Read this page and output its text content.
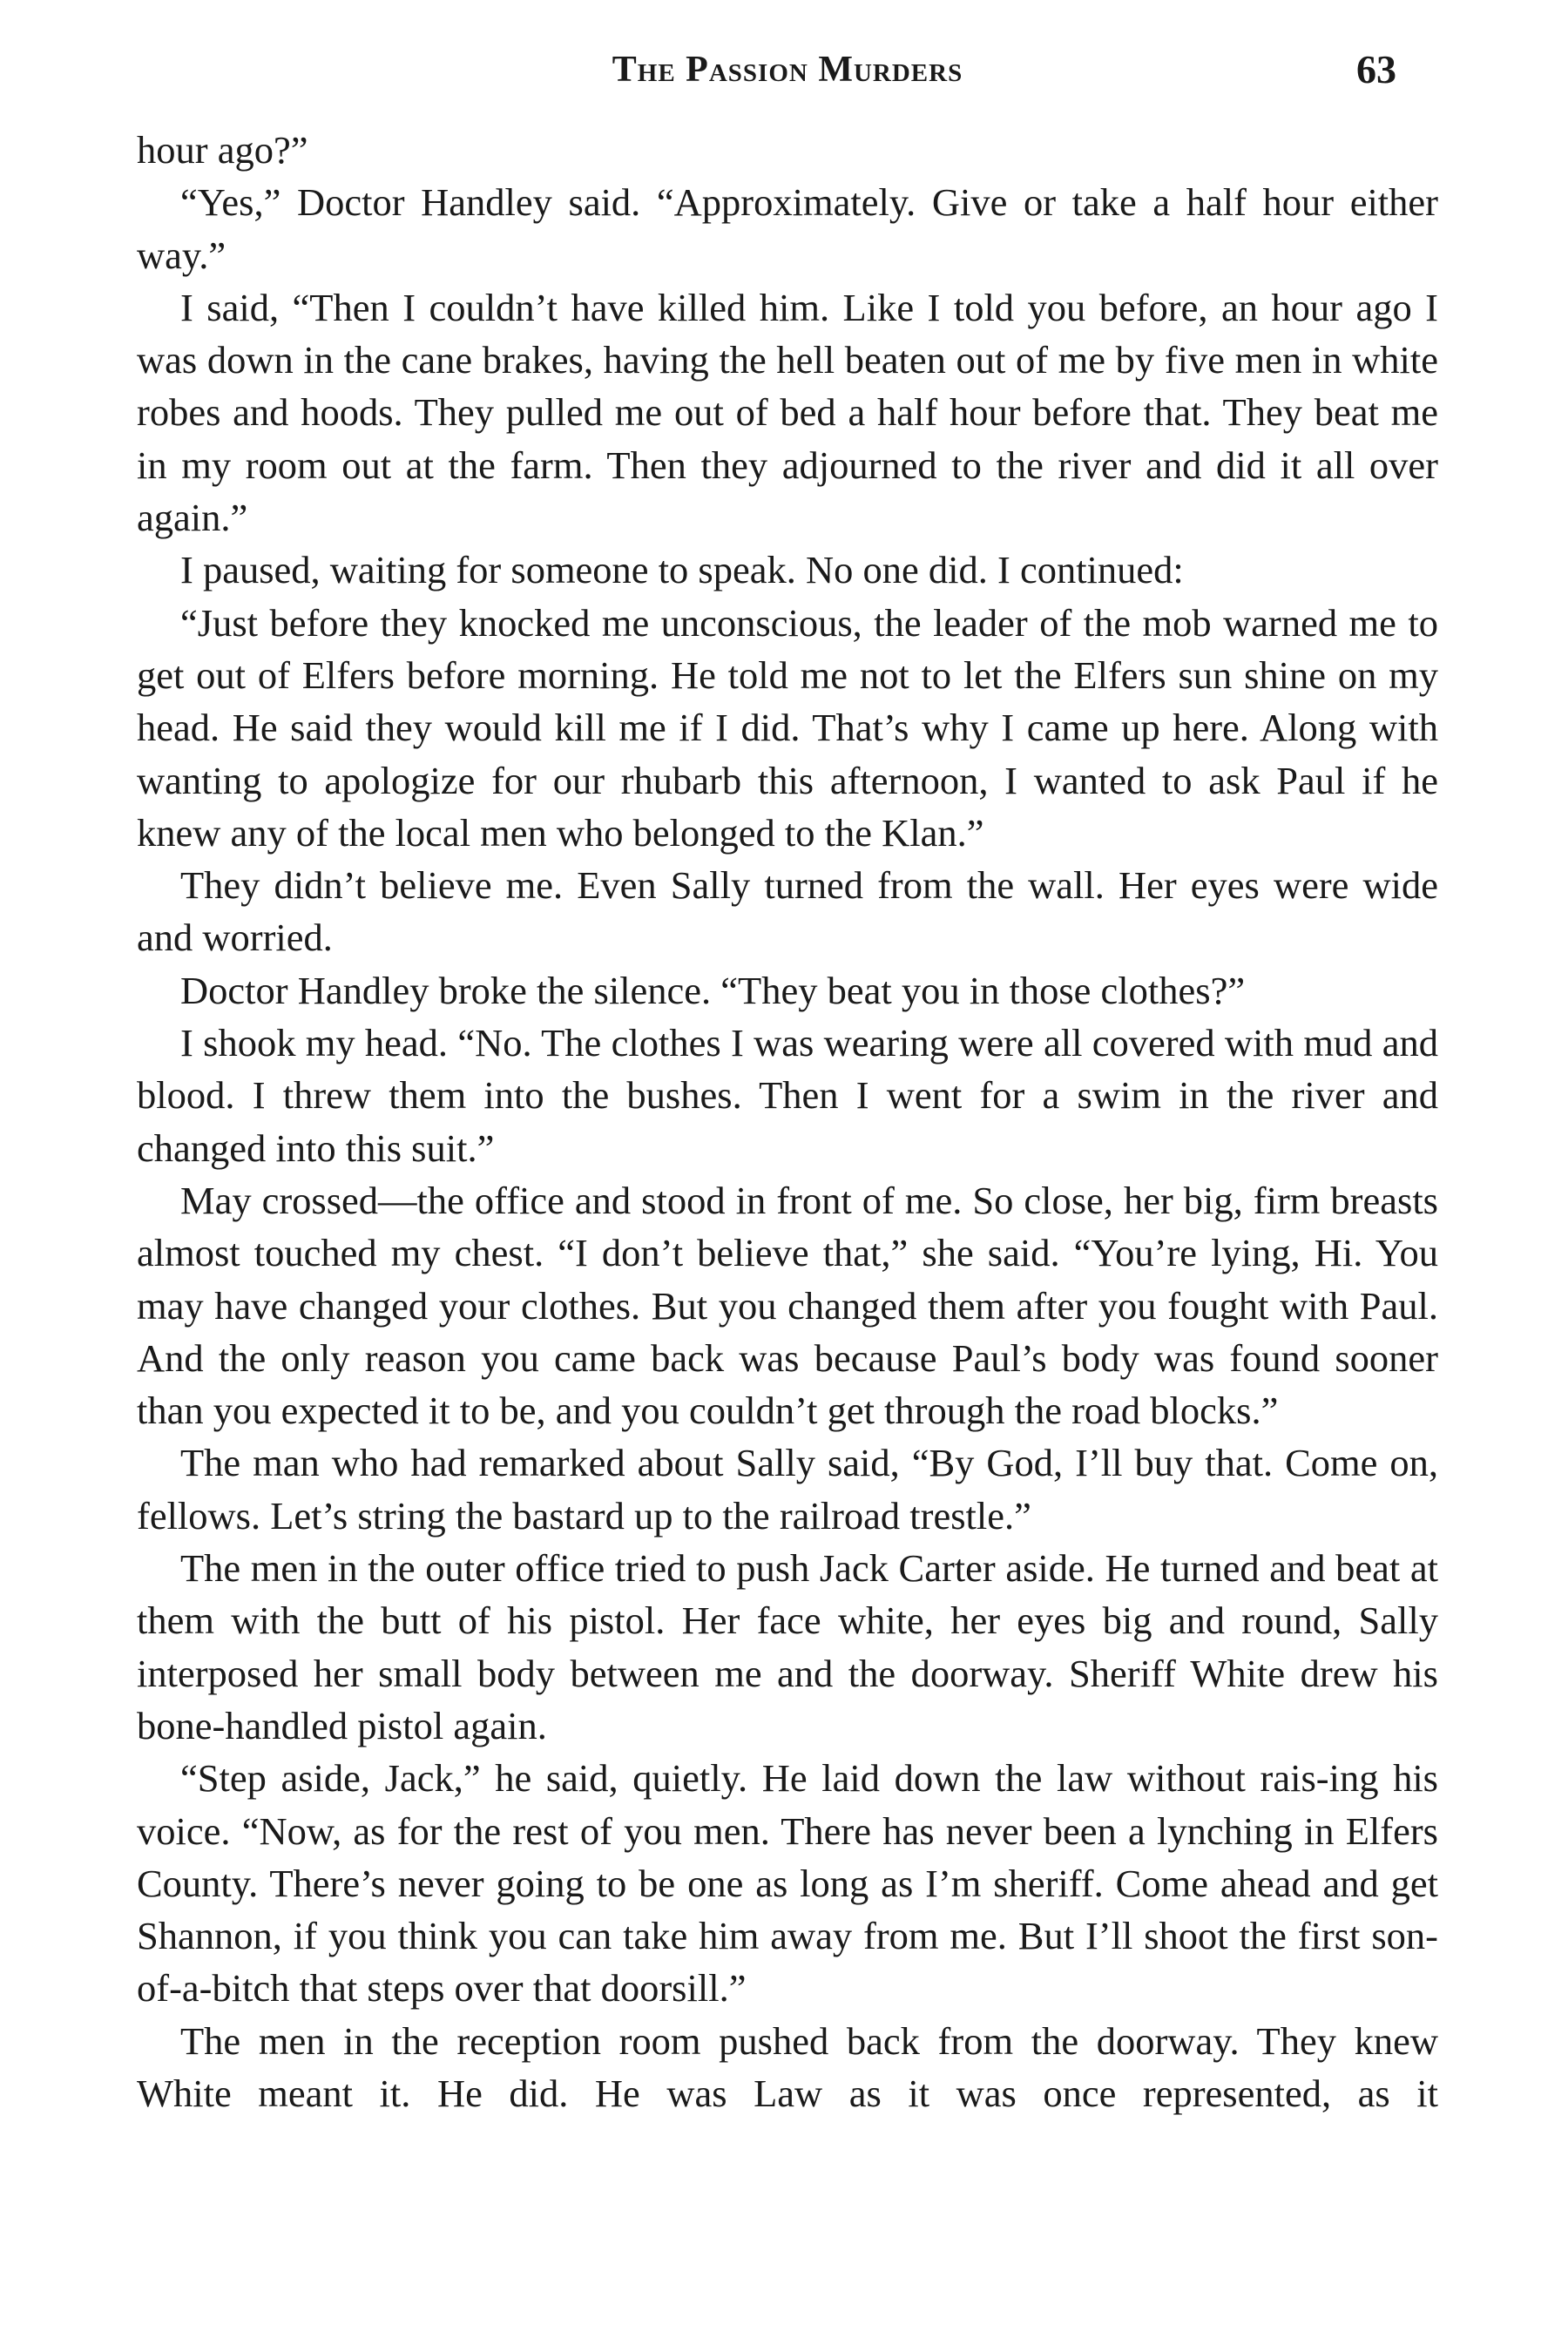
The Passion Murders	63

hour ago?”

“Yes,” Doctor Handley said. “Approximately. Give or take a half hour either way.”

I said, “Then I couldn’t have killed him. Like I told you before, an hour ago I was down in the cane brakes, having the hell beaten out of me by five men in white robes and hoods. They pulled me out of bed a half hour before that. They beat me in my room out at the farm. Then they adjourned to the river and did it all over again.”

I paused, waiting for someone to speak. No one did. I continued:

“Just before they knocked me unconscious, the leader of the mob warned me to get out of Elfers before morning. He told me not to let the Elfers sun shine on my head. He said they would kill me if I did. That’s why I came up here. Along with wanting to apologize for our rhubarb this afternoon, I wanted to ask Paul if he knew any of the local men who belonged to the Klan.”

They didn’t believe me. Even Sally turned from the wall. Her eyes were wide and worried.

Doctor Handley broke the silence. “They beat you in those clothes?”

I shook my head. “No. The clothes I was wearing were all covered with mud and blood. I threw them into the bushes. Then I went for a swim in the river and changed into this suit.”

May crossed—the office and stood in front of me. So close, her big, firm breasts almost touched my chest. “I don’t believe that,” she said. “You’re lying, Hi. You may have changed your clothes. But you changed them after you fought with Paul. And the only reason you came back was because Paul’s body was found sooner than you expected it to be, and you couldn’t get through the road blocks.”

The man who had remarked about Sally said, “By God, I’ll buy that. Come on, fellows. Let’s string the bastard up to the railroad trestle.”

The men in the outer office tried to push Jack Carter aside. He turned and beat at them with the butt of his pistol. Her face white, her eyes big and round, Sally interposed her small body between me and the doorway. Sheriff White drew his bone-handled pistol again.

“Step aside, Jack,” he said, quietly. He laid down the law without rais-ing his voice. “Now, as for the rest of you men. There has never been a lynching in Elfers County. There’s never going to be one as long as I’m sheriff. Come ahead and get Shannon, if you think you can take him away from me. But I’ll shoot the first son-of-a-bitch that steps over that doorsill.”

The men in the reception room pushed back from the doorway. They knew White meant it. He did. He was Law as it was once represented, as it
